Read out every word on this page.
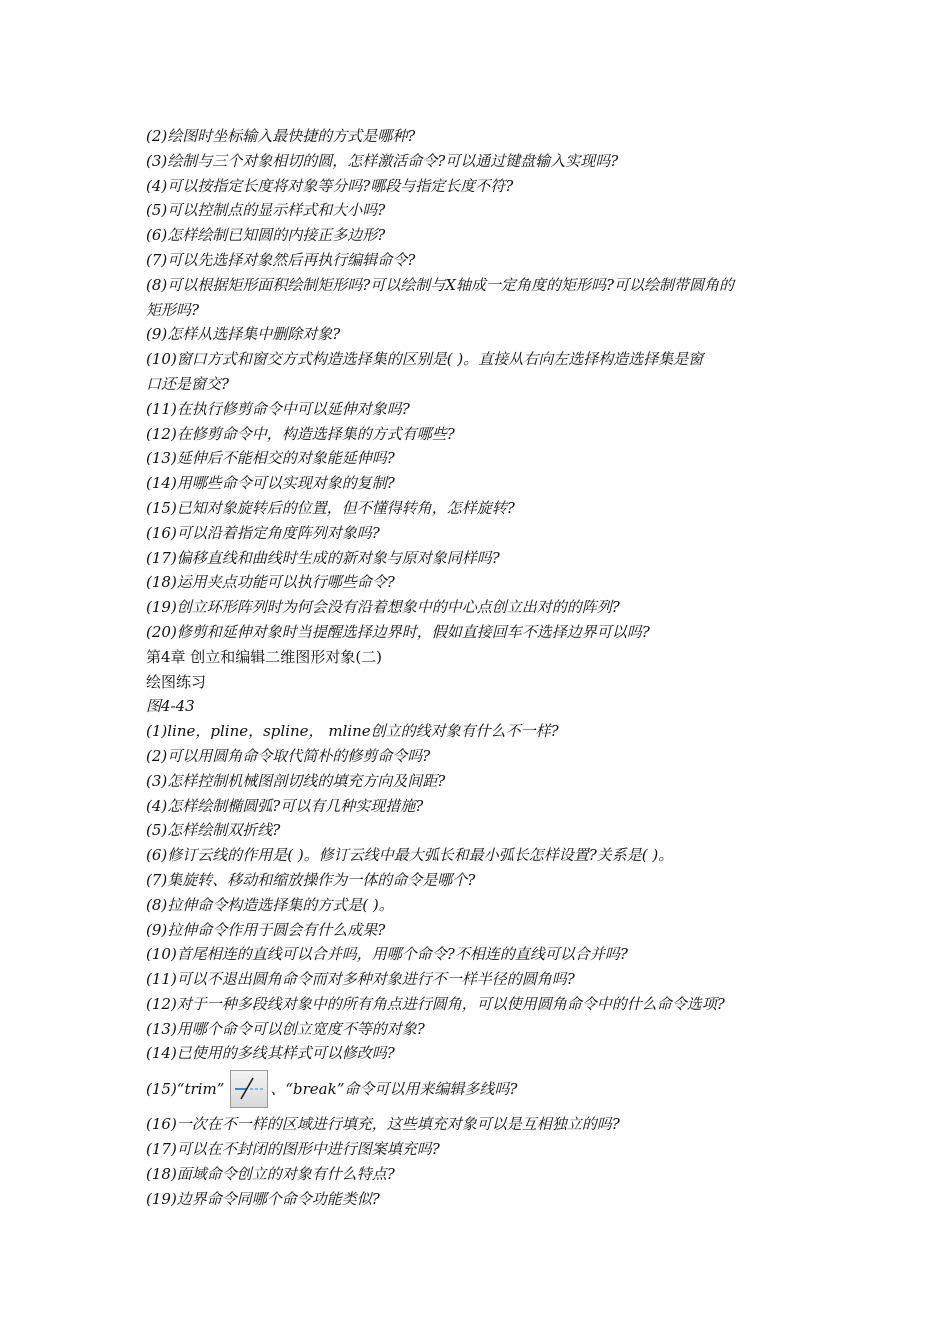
(2)绘图时坐标输入最快捷的方式是哪种?
(3)绘制与三个对象相切的圆，怎样激活命令?可以通过键盘输入实现吗?
(4)可以按指定长度将对象等分吗?哪段与指定长度不符?
(5)可以控制点的显示样式和大小吗?
(6)怎样绘制已知圆的内接正多边形?
(7)可以先选择对象然后再执行编辑命令?
(8)可以根据矩形面积绘制矩形吗?可以绘制与X轴成一定角度的矩形吗?可以绘制带圆角的
矩形吗?
(9)怎样从选择集中删除对象?
(10)窗口方式和窗交方式构造选择集的区别是( )。直接从右向左选择构造选择集是窗
口还是窗交?
(11)在执行修剪命令中可以延伸对象吗?
(12)在修剪命令中，构造选择集的方式有哪些?
(13)延伸后不能相交的对象能延伸吗?
(14)用哪些命令可以实现对象的复制?
(15)已知对象旋转后的位置，但不懂得转角，怎样旋转?
(16)可以沿着指定角度阵列对象吗?
(17)偏移直线和曲线时生成的新对象与原对象同样吗?
(18)运用夹点功能可以执行哪些命令?
(19)创立环形阵列时为何会没有沿着想象中的中心点创立出对的的阵列?
(20)修剪和延伸对象时当提醒选择边界时，假如直接回车不选择边界可以吗?
第4章 创立和编辑二维图形对象(二)
绘图练习
图4-43
(1)line，pline，spline， mline创立的线对象有什么不一样?
(2)可以用圆角命令取代简朴的修剪命令吗?
(3)怎样控制机械图剖切线的填充方向及间距?
(4)怎样绘制椭圆弧?可以有几种实现措施?
(5)怎样绘制双折线?
(6)修订云线的作用是( )。修订云线中最大弧长和最小弧长怎样设置?关系是( )。
(7)集旋转、移动和缩放操作为一体的命令是哪个?
(8)拉伸命令构造选择集的方式是( )。
(9)拉伸命令作用于圆会有什么成果?
(10)首尾相连的直线可以合并吗，用哪个命令?不相连的直线可以合并吗?
(11)可以不退出圆角命令而对多种对象进行不一样半径的圆角吗?
(12)对于一种多段线对象中的所有角点进行圆角，可以使用圆角命令中的什么命令选项?
(13)用哪个命令可以创立宽度不等的对象?
(14)已使用的多线其样式可以修改吗?
(15)“trim”	、“break”命令可以用来编辑多线吗?
(16)一次在不一样的区域进行填充，这些填充对象可以是互相独立的吗?
(17)可以在不封闭的图形中进行图案填充吗?
(18)面域命令创立的对象有什么特点?
(19)边界命令同哪个命令功能类似?
